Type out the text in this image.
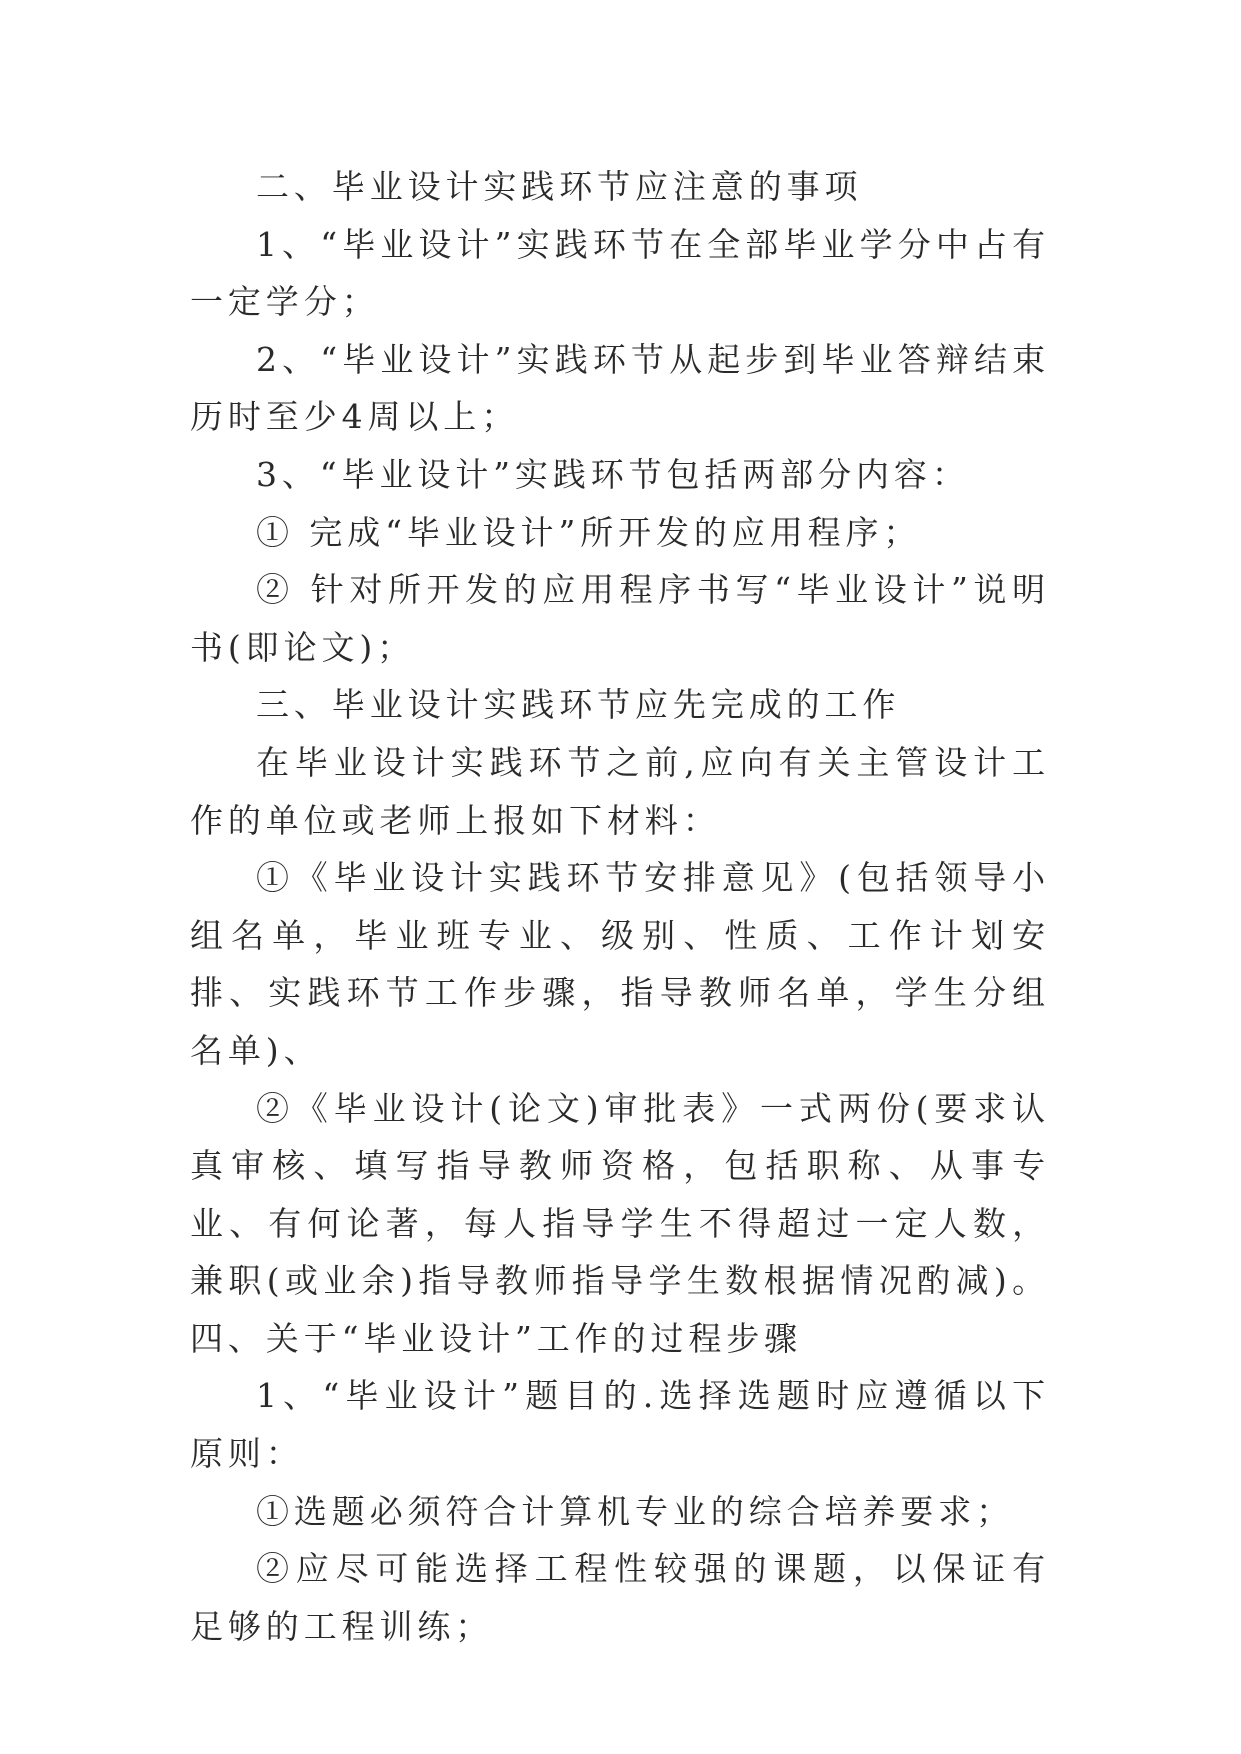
二、毕业设计实践环节应注意的事项

1、“毕业设计”实践环节在全部毕业学分中占有一定学分；

2、“毕业设计”实践环节从起步到毕业答辩结束历时至少4周以上；

3、“毕业设计”实践环节包括两部分内容：

① 完成“毕业设计”所开发的应用程序；

② 针对所开发的应用程序书写“毕业设计”说明书(即论文)；

三、毕业设计实践环节应先完成的工作

在毕业设计实践环节之前,应向有关主管设计工作的单位或老师上报如下材料：

①《毕业设计实践环节安排意见》(包括领导小组名单，毕业班专业、级别、性质、工作计划安排、实践环节工作步骤，指导教师名单，学生分组名单)、

②《毕业设计(论文)审批表》一式两份(要求认真审核、填写指导教师资格，包括职称、从事专业、有何论著，每人指导学生不得超过一定人数，兼职(或业余)指导教师指导学生数根据情况酌减)。四、关于“毕业设计”工作的过程步骤

1、“毕业设计”题目的.选择选题时应遵循以下原则：

①选题必须符合计算机专业的综合培养要求；

②应尽可能选择工程性较强的课题，以保证有足够的工程训练；
